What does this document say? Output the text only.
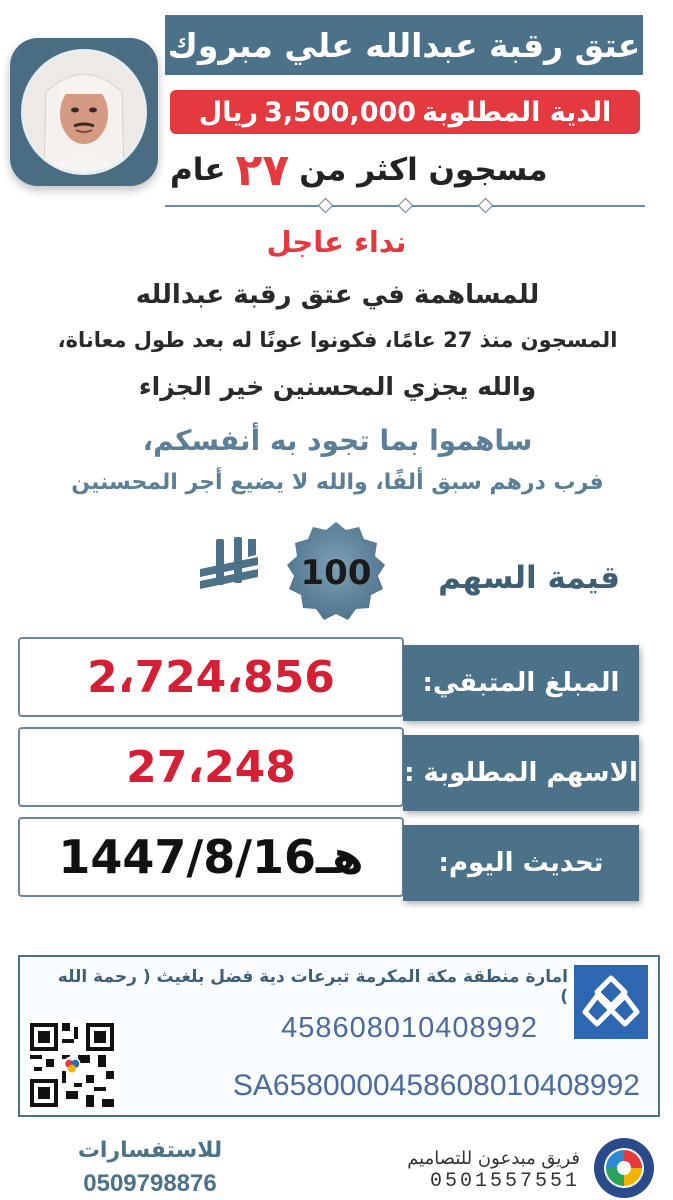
عتق رقبة عبدالله علي مبروك
الدية المطلوبة
3,500,000
ريال
مسجون اكثر من
٢٧
عام
نداء عاجل
للمساهمة في عتق رقبة عبدالله
المسجون منذ 27 عامًا، فكونوا عونًا له بعد طول معاناة،
والله يجزي المحسنين خير الجزاء
ساهموا بما تجود به أنفسكم،
فرب درهم سبق ألفًا، والله لا يضيع أجر المحسنين
قيمة السهم
100
2،724،856	المبلغ المتبقي:
27،248	الاسهم المطلوبة :
1447/8/16هـ	تحديث اليوم:
امارة منطقة مكة المكرمة تبرعات دية فضل بلغيث ( رحمة الله )
458608010408992
SA6580000458608010408992
للاستفسارات
0509798876
فريق مبدعون للتصاميم
0501557551
